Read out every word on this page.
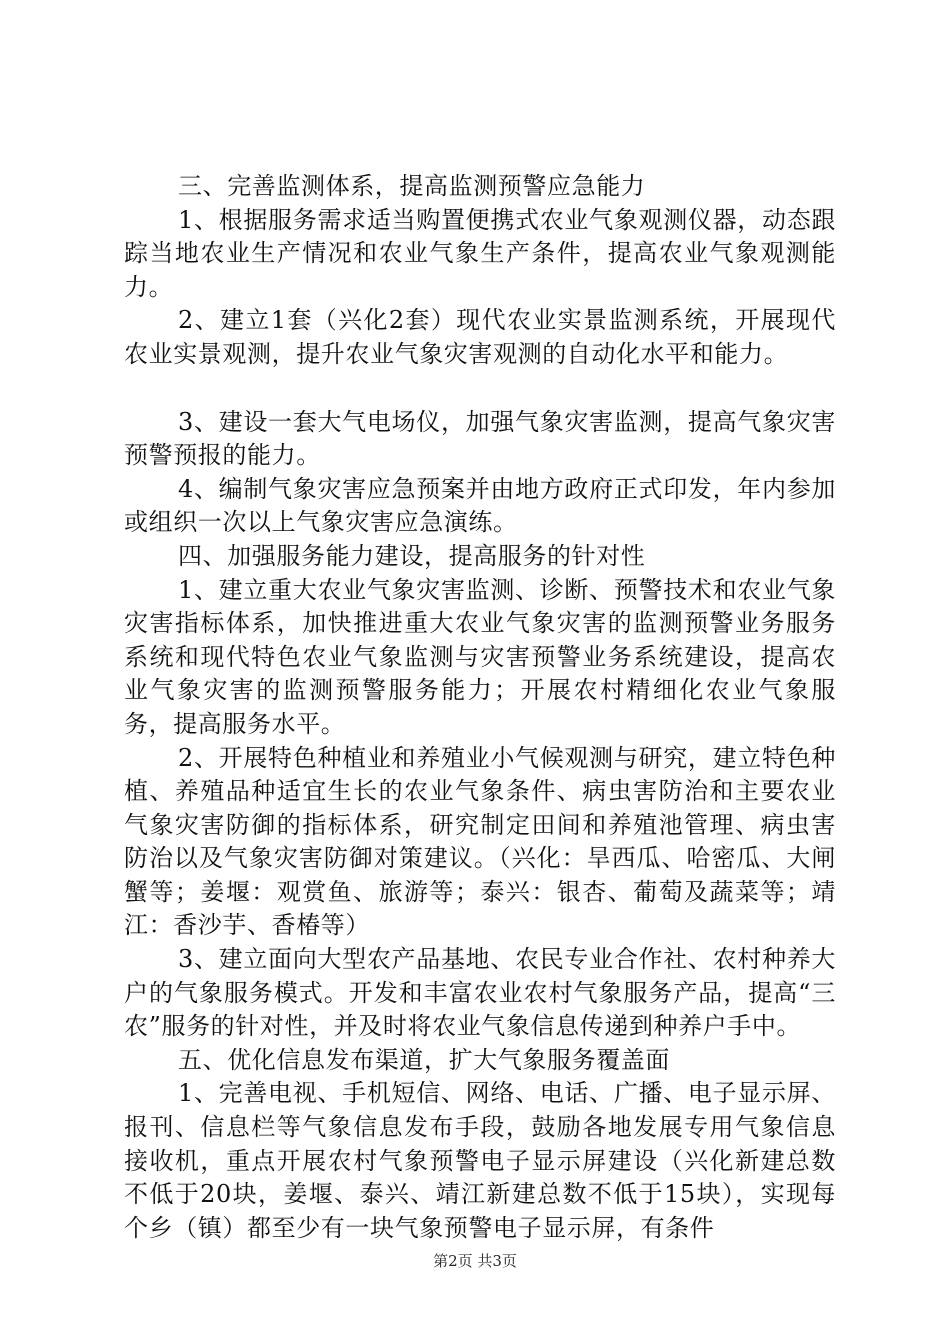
三、完善监测体系，提高监测预警应急能力

1、根据服务需求适当购置便携式农业气象观测仪器，动态跟踪当地农业生产情况和农业气象生产条件，提高农业气象观测能力。

2、建立1套（兴化2套）现代农业实景监测系统，开展现代农业实景观测，提升农业气象灾害观测的自动化水平和能力。

3、建设一套大气电场仪，加强气象灾害监测，提高气象灾害预警预报的能力。

4、编制气象灾害应急预案并由地方政府正式印发，年内参加或组织一次以上气象灾害应急演练。

四、加强服务能力建设，提高服务的针对性

1、建立重大农业气象灾害监测、诊断、预警技术和农业气象灾害指标体系，加快推进重大农业气象灾害的监测预警业务服务系统和现代特色农业气象监测与灾害预警业务系统建设，提高农业气象灾害的监测预警服务能力；开展农村精细化农业气象服务，提高服务水平。

2、开展特色种植业和养殖业小气候观测与研究，建立特色种植、养殖品种适宜生长的农业气象条件、病虫害防治和主要农业气象灾害防御的指标体系，研究制定田间和养殖池管理、病虫害防治以及气象灾害防御对策建议。（兴化：旱西瓜、哈密瓜、大闸蟹等；姜堰：观赏鱼、旅游等；泰兴：银杏、葡萄及蔬菜等；靖江：香沙芋、香椿等）

3、建立面向大型农产品基地、农民专业合作社、农村种养大户的气象服务模式。开发和丰富农业农村气象服务产品，提高“三农”服务的针对性，并及时将农业气象信息传递到种养户手中。

五、优化信息发布渠道，扩大气象服务覆盖面

1、完善电视、手机短信、网络、电话、广播、电子显示屏、报刊、信息栏等气象信息发布手段，鼓励各地发展专用气象信息接收机，重点开展农村气象预警电子显示屏建设（兴化新建总数不低于20块，姜堰、泰兴、靖江新建总数不低于15块），实现每个乡（镇）都至少有一块气象预警电子显示屏，有条件

第2页 共3页
